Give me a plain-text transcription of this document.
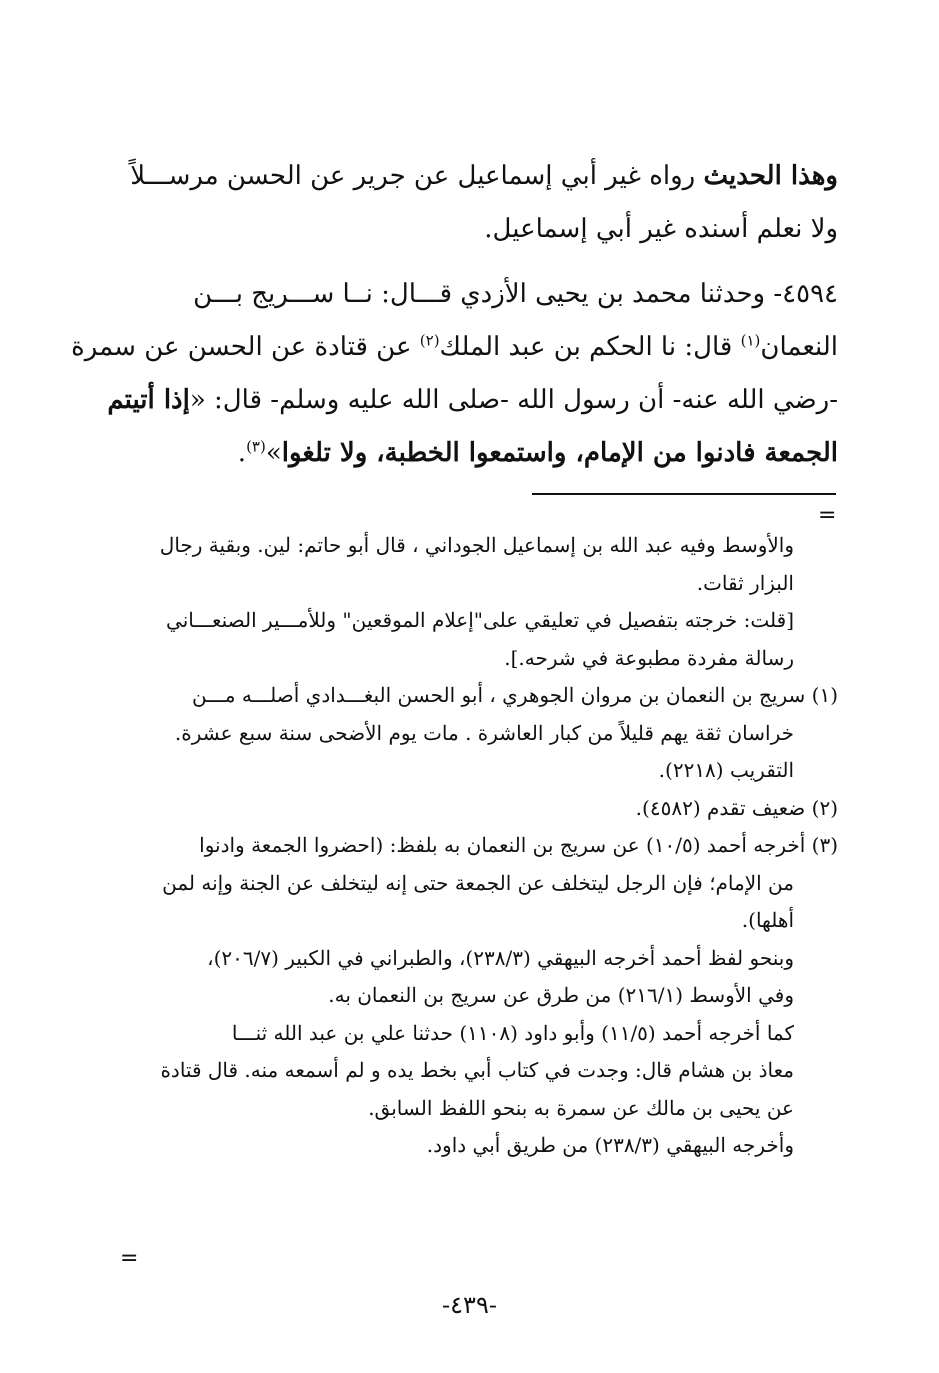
وهذا الحديث رواه غير أبي إسماعيل عن جرير عن الحسن مرســـلاً
ولا نعلم أسنده غير أبي إسماعيل.
٤٥٩٤- وحدثنا محمد بن يحيى الأزدي قـــال: نــا ســـريج بـــن
النعمان$^{(١)}$ قال: نا الحكم بن عبد الملك$^{(٢)}$ عن قتادة عن الحسن عن سمرة
-رضي الله عنه- أن رسول الله -صلى الله عليه وسلم- قال: «إذا أتيتم
الجمعة فادنوا من الإمام، واستمعوا الخطبة، ولا تلغوا»$^{(٣)}$.
=
والأوسط وفيه عبد الله بن إسماعيل الجوداني ، قال أبو حاتم: لين. وبقية رجال
البزار ثقات.
[قلت: خرجته بتفصيل في تعليقي على"إعلام الموقعين" وللأمـــير الصنعـــاني
رسالة مفردة مطبوعة في شرحه.].
(١) سريج بن النعمان بن مروان الجوهري ، أبو الحسن البغـــدادي أصلـــه مـــن
خراسان ثقة يهم قليلاً من كبار العاشرة . مات يوم الأضحى سنة سبع عشرة.
التقريب (٢٢١٨).
(٢) ضعيف تقدم (٤٥٨٢).
(٣) أخرجه أحمد (١٠/٥) عن سريج بن النعمان به بلفظ: (احضروا الجمعة وادنوا
من الإمام؛ فإن الرجل ليتخلف عن الجمعة حتى إنه ليتخلف عن الجنة وإنه لمن
أهلها).
وبنحو لفظ أحمد أخرجه البيهقي (٢٣٨/٣)، والطبراني في الكبير (٢٠٦/٧)،
وفي الأوسط (٢١٦/١) من طرق عن سريج بن النعمان به.
كما أخرجه أحمد (١١/٥) وأبو داود (١١٠٨) حدثنا علي بن عبد الله ثنـــا
معاذ بن هشام قال: وجدت في كتاب أبي بخط يده و لم أسمعه منه. قال قتادة
عن يحيى بن مالك عن سمرة به بنحو اللفظ السابق.
وأخرجه البيهقي (٢٣٨/٣) من طريق أبي داود.
=
-٤٣٩-
